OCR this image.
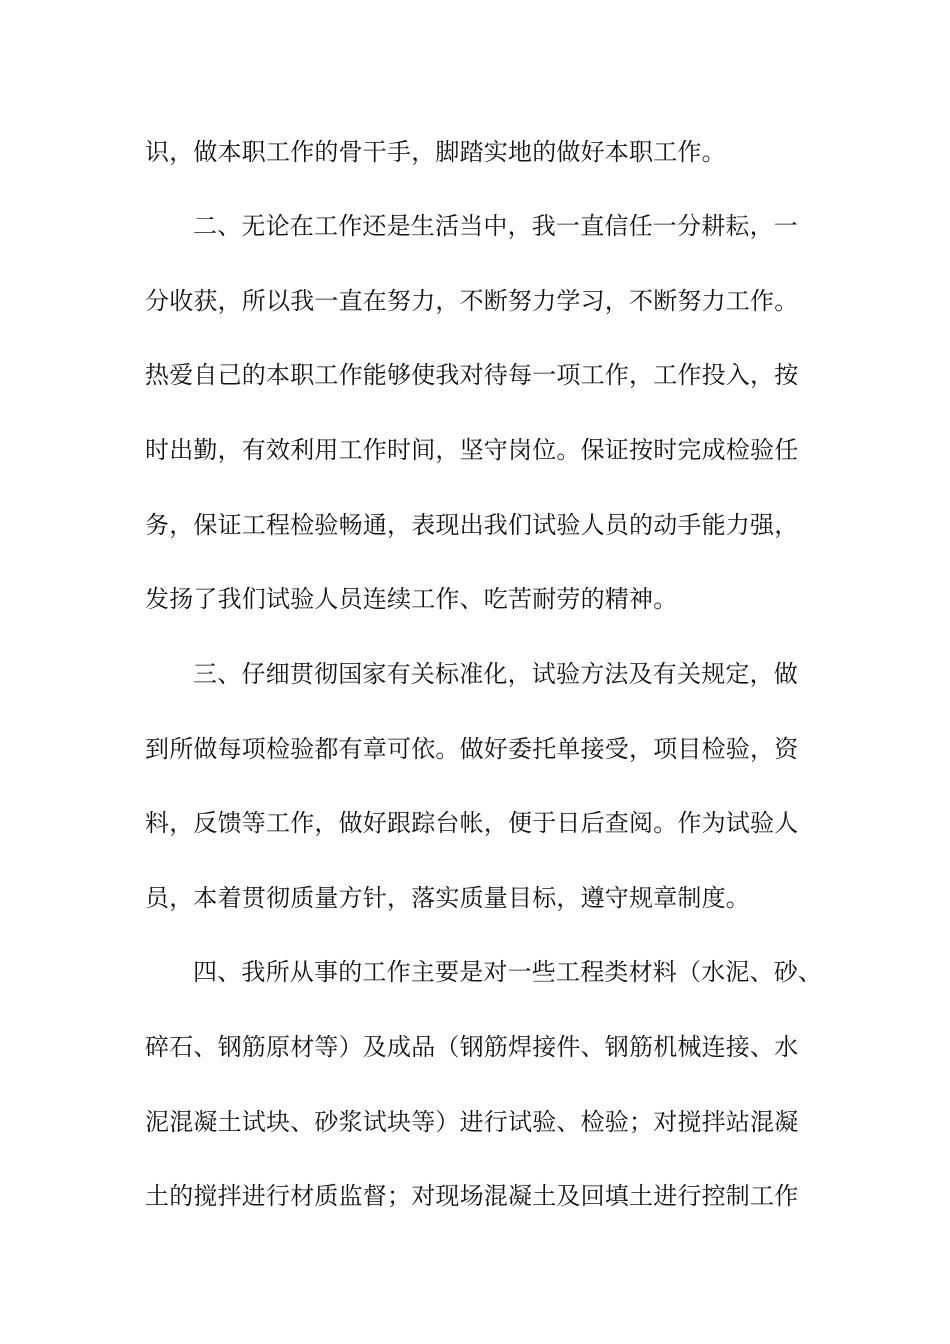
识，做本职工作的骨干手，脚踏实地的做好本职工作。
二、无论在工作还是生活当中，我一直信任一分耕耘，一
分收获，所以我一直在努力，不断努力学习，不断努力工作。
热爱自己的本职工作能够使我对待每一项工作，工作投入，按
时出勤，有效利用工作时间，坚守岗位。保证按时完成检验任
务，保证工程检验畅通，表现出我们试验人员的动手能力强，
发扬了我们试验人员连续工作、吃苦耐劳的精神。
三、仔细贯彻国家有关标准化，试验方法及有关规定，做
到所做每项检验都有章可依。做好委托单接受，项目检验，资
料，反馈等工作，做好跟踪台帐，便于日后查阅。作为试验人
员，本着贯彻质量方针，落实质量目标，遵守规章制度。
四、我所从事的工作主要是对一些工程类材料（水泥、砂、
碎石、钢筋原材等）及成品（钢筋焊接件、钢筋机械连接、水
泥混凝土试块、砂浆试块等）进行试验、检验；对搅拌站混凝
土的搅拌进行材质监督；对现场混凝土及回填土进行控制工作
